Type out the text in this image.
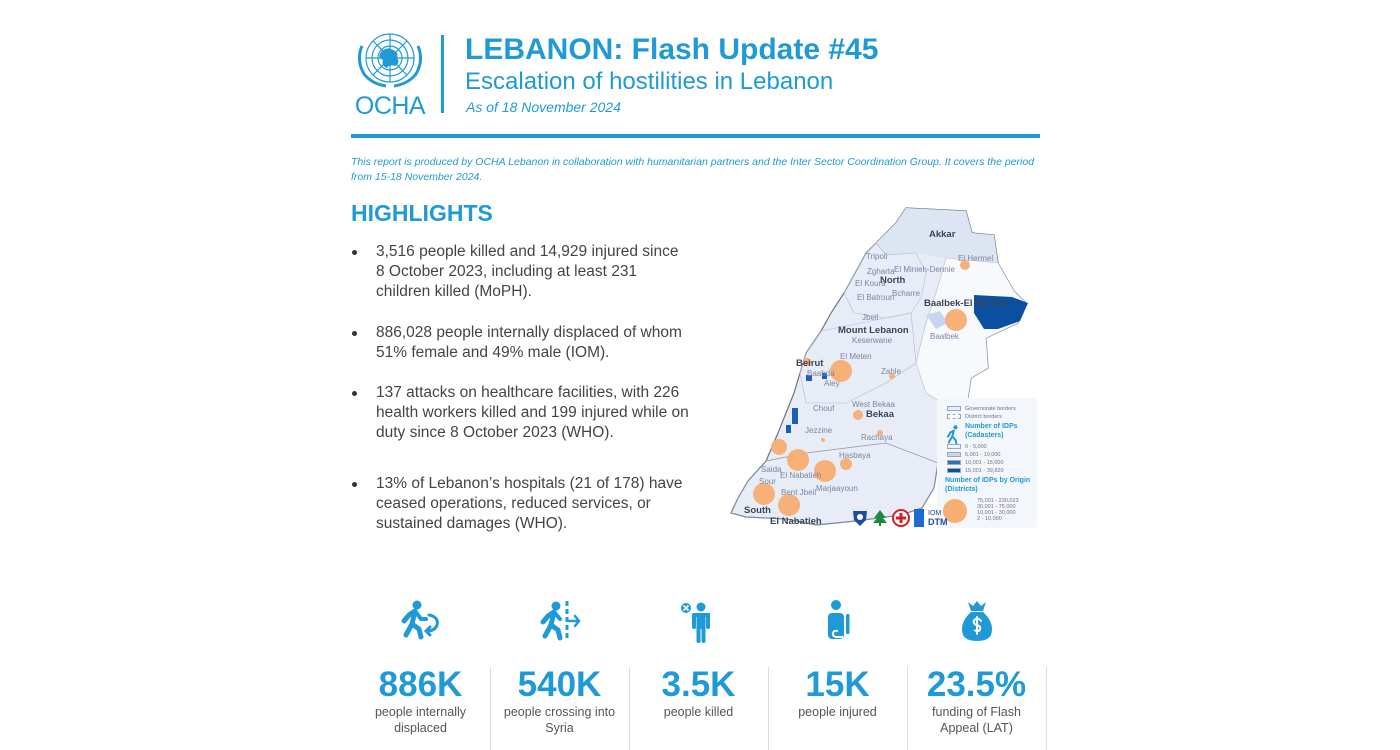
OCHA
LEBANON: Flash Update #45
Escalation of hostilities in Lebanon
As of 18 November 2024
This report is produced by OCHA Lebanon in collaboration with humanitarian partners and the Inter Sector Coordination Group. It covers the period from 15-18 November 2024.
HIGHLIGHTS
3,516 people killed and 14,929 injured since 8 October 2023, including at least 231 children killed (MoPH).
886,028 people internally displaced of whom 51% female and 49% male (IOM).
137 attacks on healthcare facilities, with 226 health workers killed and 199 injured while on duty since 8 October 2023 (WHO).
13% of Lebanon’s hospitals (21 of 178) have ceased operations, reduced services, or sustained damages (WHO).
Akkar
North
Baalbek-El Hermel
Mount Lebanon
Beirut
Bekaa
South
El Nabatieh
Tripoli
Zgharta El Minieh-Dennie
El Koura
Bcharre
El Batroun
Jbeil
Keserwane
El Hermel
Baalbek
El Meten
Baabda
Aley
Zahle
Chouf West Bekaa
Jezzine
Rachaya
Hasbaya
Saida
El Nabatieh
Marjaayoun
Sour
Bent Jbeil
Governorate borders
District borders
Number of IDPs (Cadasters)
0 - 5,000
5,001 - 10,000
10,001 - 15,000
15,001 - 39,820
Number of IDPs by Origin (Districts)
75,001 - 230,023
30,001 - 75,000
10,001 - 30,000
2 - 10,000
IOM
DTM
886K
people internally displaced
540K
people crossing into Syria
3.5K
people killed
15K
people injured
23.5%
funding of Flash Appeal (LAT)
